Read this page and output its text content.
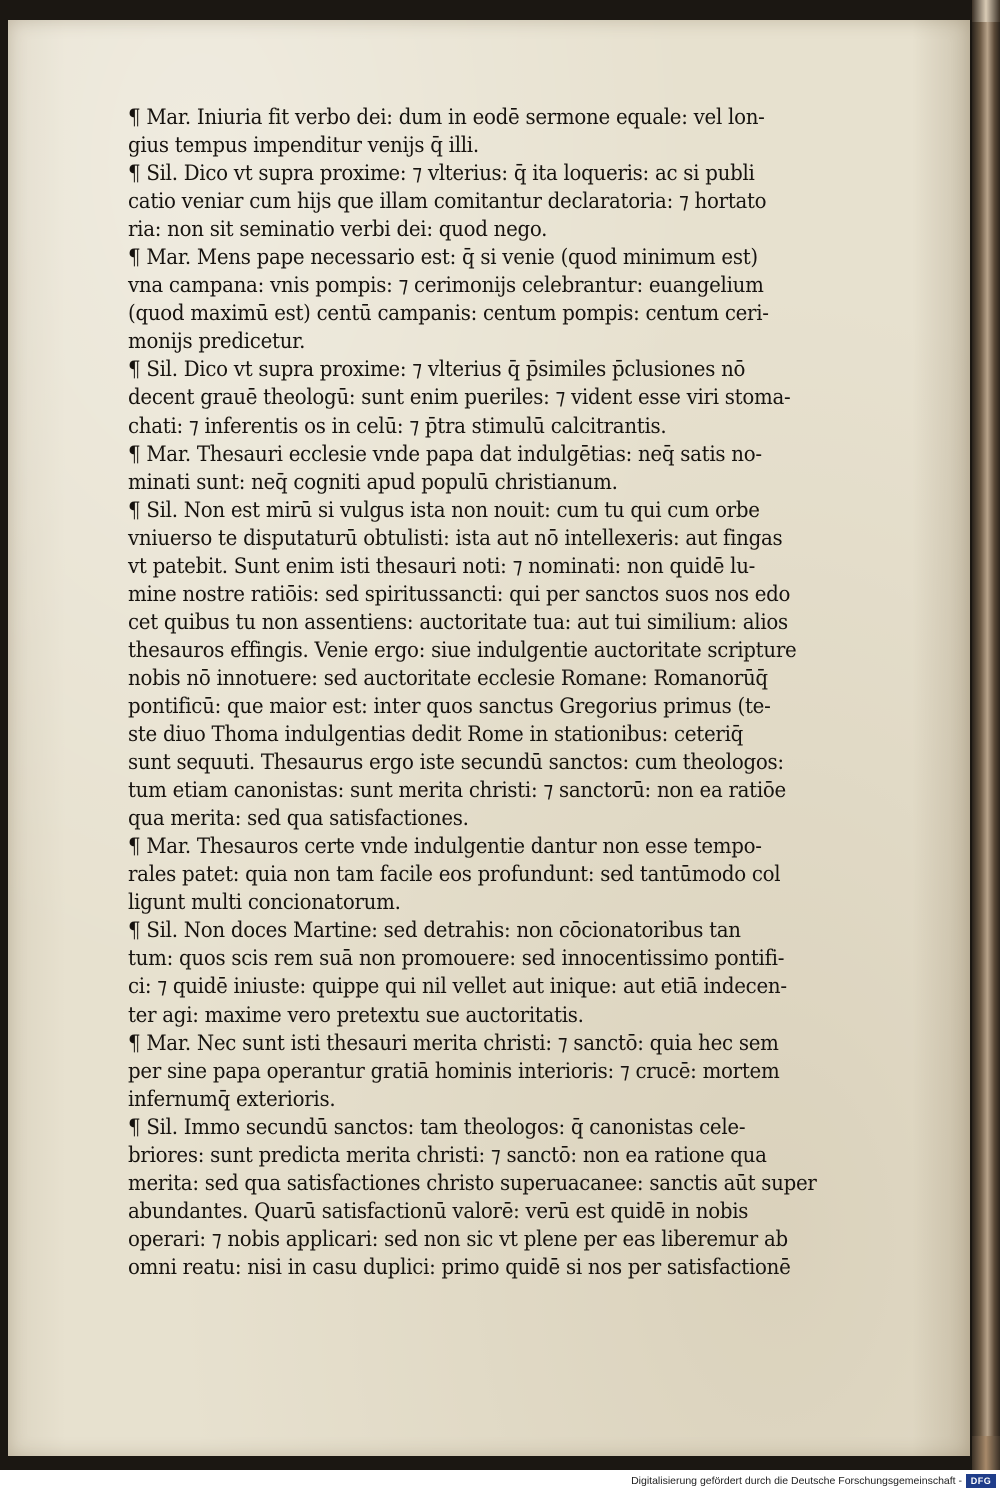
¶ Mar. Iniuria fit verbo dei: dum in eodē sermone equale: vel lon-
gius tempus impenditur venijs q̄ illi.
¶ Sil. Dico vt supra proxime: ⁊ vlterius: q̄ ita loqueris: ac si publi
catio veniar cum hijs que illam comitantur declaratoria: ⁊ hortato
ria: non sit seminatio verbi dei: quod nego.
¶ Mar. Mens pape necessario est: q̄ si venie (quod minimum est)
vna campana: vnis pompis: ⁊ cerimonijs celebrantur: euangelium
(quod maximū est) centū campanis: centum pompis: centum ceri-
monijs predicetur.
¶ Sil. Dico vt supra proxime: ⁊ vlterius q̄ p̄similes p̄clusiones nō
decent grauē theologū: sunt enim pueriles: ⁊ vident esse viri stoma-
chati: ⁊ inferentis os in celū: ⁊ p̄tra stimulū calcitrantis.
¶ Mar. Thesauri ecclesie vnde papa dat indulgētias: neq̄ satis no-
minati sunt: neq̄ cogniti apud populū christianum.
¶ Sil. Non est mirū si vulgus ista non nouit: cum tu qui cum orbe
vniuerso te disputaturū obtulisti: ista aut nō intellexeris: aut fingas
vt patebit. Sunt enim isti thesauri noti: ⁊ nominati: non quidē lu-
mine nostre ratiōis: sed spiritussancti: qui per sanctos suos nos edo
cet quibus tu non assentiens: auctoritate tua: aut tui similium: alios
thesauros effingis. Venie ergo: siue indulgentie auctoritate scripture
nobis nō innotuere: sed auctoritate ecclesie Romane: Romanorūq̄
pontificū: que maior est: inter quos sanctus Gregorius primus (te-
ste diuo Thoma indulgentias dedit Rome in stationibus: ceteriq̄
sunt sequuti. Thesaurus ergo iste secundū sanctos: cum theologos:
tum etiam canonistas: sunt merita christi: ⁊ sanctorū: non ea ratiōe
qua merita: sed qua satisfactiones.
¶ Mar. Thesauros certe vnde indulgentie dantur non esse tempo-
rales patet: quia non tam facile eos profundunt: sed tantūmodo col
ligunt multi concionatorum.
¶ Sil. Non doces Martine: sed detrahis: non cōcionatoribus tan
tum: quos scis rem suā non promouere: sed innocentissimo pontifi-
ci: ⁊ quidē iniuste: quippe qui nil vellet aut inique: aut etiā indecen-
ter agi: maxime vero pretextu sue auctoritatis.
¶ Mar. Nec sunt isti thesauri merita christi: ⁊ sanctō: quia hec sem
per sine papa operantur gratiā hominis interioris: ⁊ crucē: mortem
infernumq̄ exterioris.
¶ Sil. Immo secundū sanctos: tam theologos: q̄ canonistas cele-
briores: sunt predicta merita christi: ⁊ sanctō: non ea ratione qua
merita: sed qua satisfactiones christo superuacanee: sanctis aūt super
abundantes. Quarū satisfactionū valorē: verū est quidē in nobis
operari: ⁊ nobis applicari: sed non sic vt plene per eas liberemur ab
omni reatu: nisi in casu duplici: primo quidē si nos per satisfactionē
Digitalisierung gefördert durch die Deutsche Forschungsgemeinschaft - DFG
